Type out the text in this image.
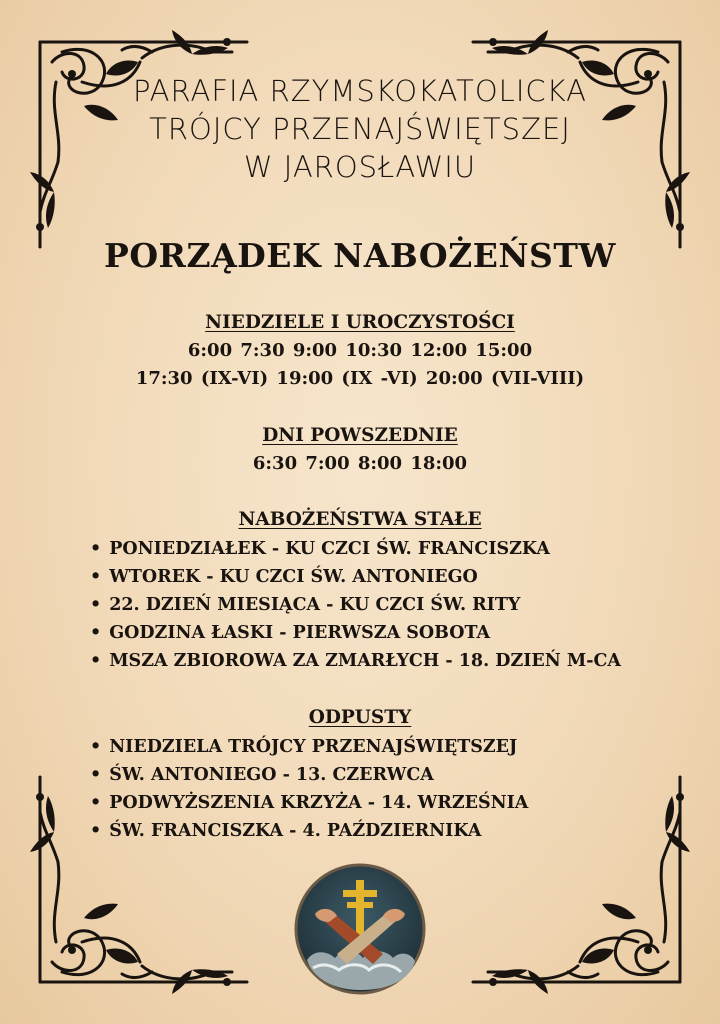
PARAFIA RZYMSKOKATOLICKA
TRÓJCY PRZENAJŚWIĘTSZEJ
W JAROSŁAWIU
PORZĄDEK NABOŻEŃSTW
NIEDZIELE I UROCZYSTOŚCI
6:00 7:30 9:00 10:30 12:00 15:00
17:30 (IX-VI) 19:00 (IX -VI) 20:00 (VII-VIII)
DNI POWSZEDNIE
6:30 7:00 8:00 18:00
NABOŻEŃSTWA STAŁE
• PONIEDZIAŁEK - KU CZCI ŚW. FRANCISZKA
• WTOREK - KU CZCI ŚW. ANTONIEGO
• 22. DZIEŃ MIESIĄCA - KU CZCI ŚW. RITY
• GODZINA ŁASKI - PIERWSZA SOBOTA
• MSZA ZBIOROWA ZA ZMARŁYCH - 18. DZIEŃ M-CA
ODPUSTY
• NIEDZIELA TRÓJCY PRZENAJŚWIĘTSZEJ
• ŚW. ANTONIEGO - 13. CZERWCA
• PODWYŻSZENIA KRZYŻA - 14. WRZEŚNIA
• ŚW. FRANCISZKA - 4. PAŹDZIERNIKA
